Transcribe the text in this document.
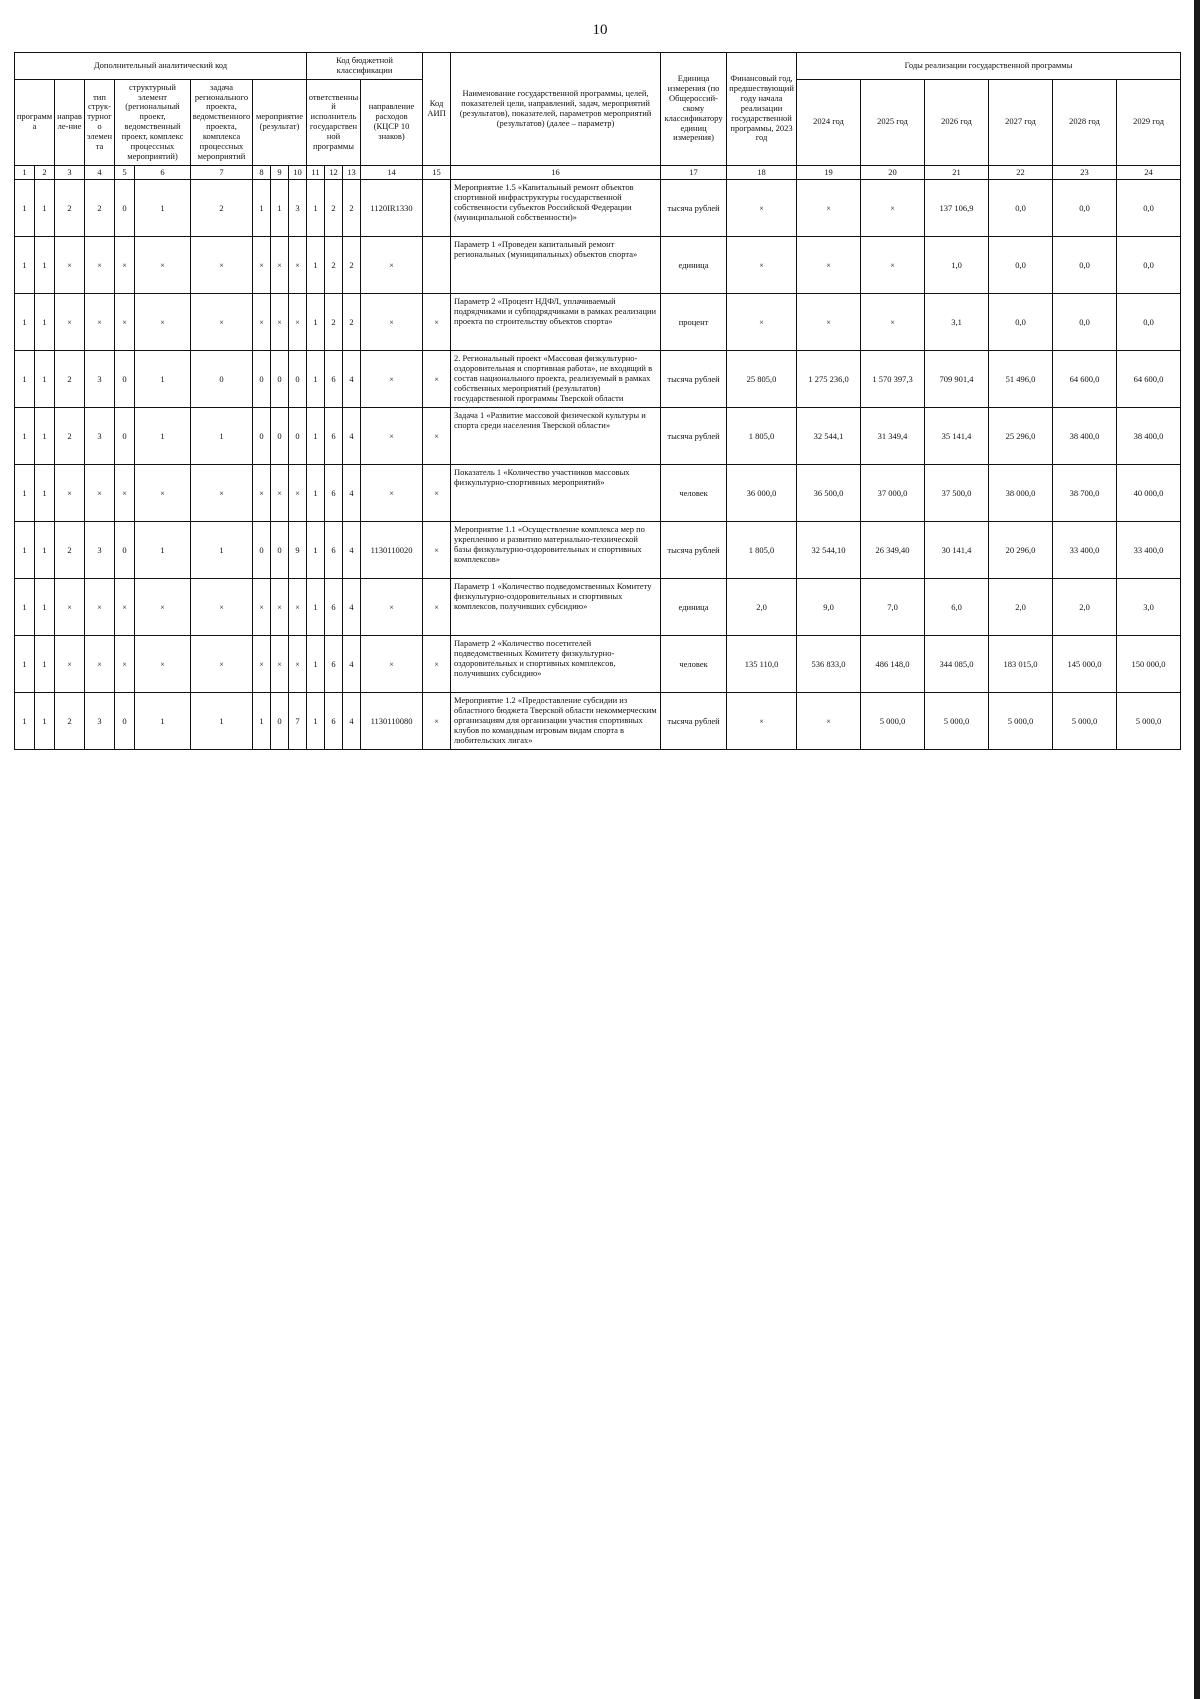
10
Дополнительный аналитический код										Код бюджетной классификации				Код АИП	Наименование государственной программы, целей, показателей цели, направлений, задач, мероприятий (результатов), показателей, параметров мероприятий (результатов) (далее – параметр)	Единица измерения (по Общероссий-скому классификатору единиц измерения)	Финансовый год, предшествующий году начала реализации государственной программы, 2023 год	Годы реализации государственной программы					
программа		направле-ние	тип струк-турного элемента	структурный элемент (региональный проект, ведомственный проект, комплекс процессных мероприятий)		задача регионального проекта, ведомственного проекта, комплекса процессных мероприятий	мероприятие (результат)			ответственный исполнитель государственной программы			направление расходов (КЦСР 10 знаков)										
																		2024 год	2025 год	2026 год	2027 год	2028 год	2029 год
1	2	3	4	5	6	7	8	9	10	11	12	13	14	15	16	17	18	19	20	21	22	23	24
1	1	2	2	0	1	2	1	1	3	1	2	2	1120IR1330		Мероприятие 1.5 «Капитальный ремонт объектов спортивной инфраструктуры государственной собственности субъектов Российской Федерации (муниципальной собственности)»	тысяча рублей	×	×	×	137 106,9	0,0	0,0	0,0
1	1	×	×	×	×	×	×	×	×	1	2	2	×		Параметр 1 «Проведен капитальный ремонт региональных (муниципальных) объектов спорта»	единица	×	×	×	1,0	0,0	0,0	0,0
1	1	×	×	×	×	×	×	×	×	1	2	2	×	×	Параметр 2 «Процент НДФЛ, уплачиваемый подрядчиками и субподрядчиками в рамках реализации проекта по строительству объектов спорта»	процент	×	×	×	3,1	0,0	0,0	0,0
1	1	2	3	0	1	0	0	0	0	1	6	4	×	×	2. Региональный проект «Массовая физкультурно-оздоровительная и спортивная работа», не входящий в состав национального проекта, реализуемый в рамках собственных мероприятий (результатов) государственной программы Тверской области	тысяча рублей	25 805,0	1 275 236,0	1 570 397,3	709 901,4	51 496,0	64 600,0	64 600,0
1	1	2	3	0	1	1	0	0	0	1	6	4	×	×	Задача 1 «Развитие массовой физической культуры и спорта среди населения Тверской области»	тысяча рублей	1 805,0	32 544,1	31 349,4	35 141,4	25 296,0	38 400,0	38 400,0
1	1	×	×	×	×	×	×	×	×	1	6	4	×	×	Показатель 1 «Количество участников массовых физкультурно-спортивных мероприятий»	человек	36 000,0	36 500,0	37 000,0	37 500,0	38 000,0	38 700,0	40 000,0
1	1	2	3	0	1	1	0	0	9	1	6	4	1130110020	×	Мероприятие 1.1 «Осуществление комплекса мер по укреплению и развитию материально-технической базы физкультурно-оздоровительных и спортивных комплексов»	тысяча рублей	1 805,0	32 544,10	26 349,40	30 141,4	20 296,0	33 400,0	33 400,0
1	1	×	×	×	×	×	×	×	×	1	6	4	×	×	Параметр 1 «Количество подведомственных Комитету физкультурно-оздоровительных и спортивных комплексов, получивших субсидию»	единица	2,0	9,0	7,0	6,0	2,0	2,0	3,0
1	1	×	×	×	×	×	×	×	×	1	6	4	×	×	Параметр 2 «Количество посетителей подведомственных Комитету физкультурно-оздоровительных и спортивных комплексов, получивших субсидию»	человек	135 110,0	536 833,0	486 148,0	344 085,0	183 015,0	145 000,0	150 000,0
1	1	2	3	0	1	1	1	0	7	1	6	4	1130110080	×	Мероприятие 1.2 «Предоставление субсидии из областного бюджета Тверской области некоммерческим организациям для организации участия спортивных клубов по командным игровым видам спорта в любительских лигах»	тысяча рублей	×	×	5 000,0	5 000,0	5 000,0	5 000,0	5 000,0
